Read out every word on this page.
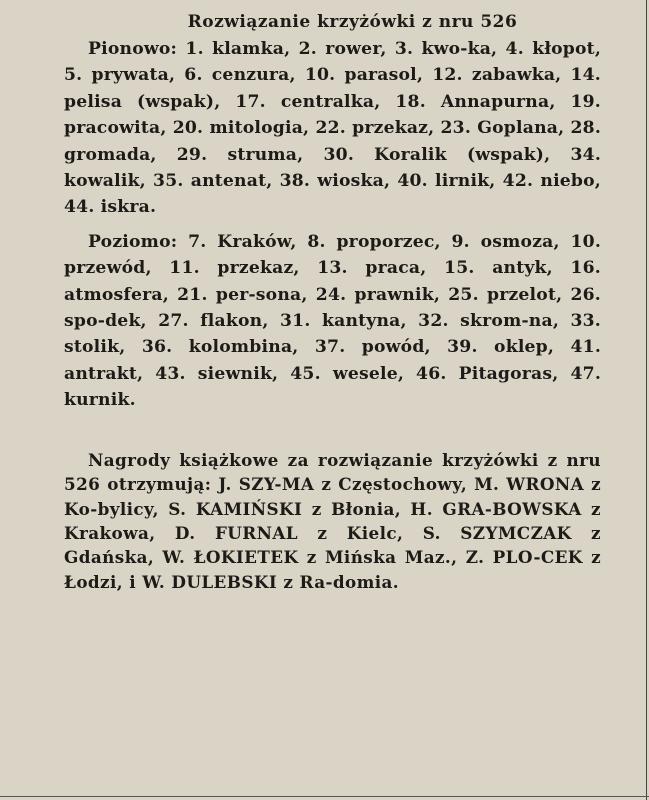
Rozwiązanie krzyżówki z nru 526

Pionowo: 1. klamka, 2. rower, 3. kwo-ka, 4. kłopot, 5. prywata, 6. cenzura, 10. parasol, 12. zabawka, 14. pelisa (wspak), 17. centralka, 18. Annapurna, 19. pracowita, 20. mitologia, 22. przekaz, 23. Goplana, 28. gromada, 29. struma, 30. Koralik (wspak), 34. kowalik, 35. antenat, 38. wioska, 40. lirnik, 42. niebo, 44. iskra.

Poziomo: 7. Kraków, 8. proporzec, 9. osmoza, 10. przewód, 11. przekaz, 13. praca, 15. antyk, 16. atmosfera, 21. per-sona, 24. prawnik, 25. przelot, 26. spo-dek, 27. flakon, 31. kantyna, 32. skrom-na, 33. stolik, 36. kolombina, 37. powód, 39. oklep, 41. antrakt, 43. siewnik, 45. wesele, 46. Pitagoras, 47. kurnik.

Nagrody książkowe za rozwiązanie krzyżówki z nru 526 otrzymują: J. SZY-MA z Częstochowy, M. WRONA z Ko-bylicy, S. KAMIŃSKI z Błonia, H. GRA-BOWSKA z Krakowa, D. FURNAL z Kielc, S. SZYMCZAK z Gdańska, W. ŁOKIETEK z Mińska Maz., Z. PLO-CEK z Łodzi, i W. DULEBSKI z Ra-domia.
